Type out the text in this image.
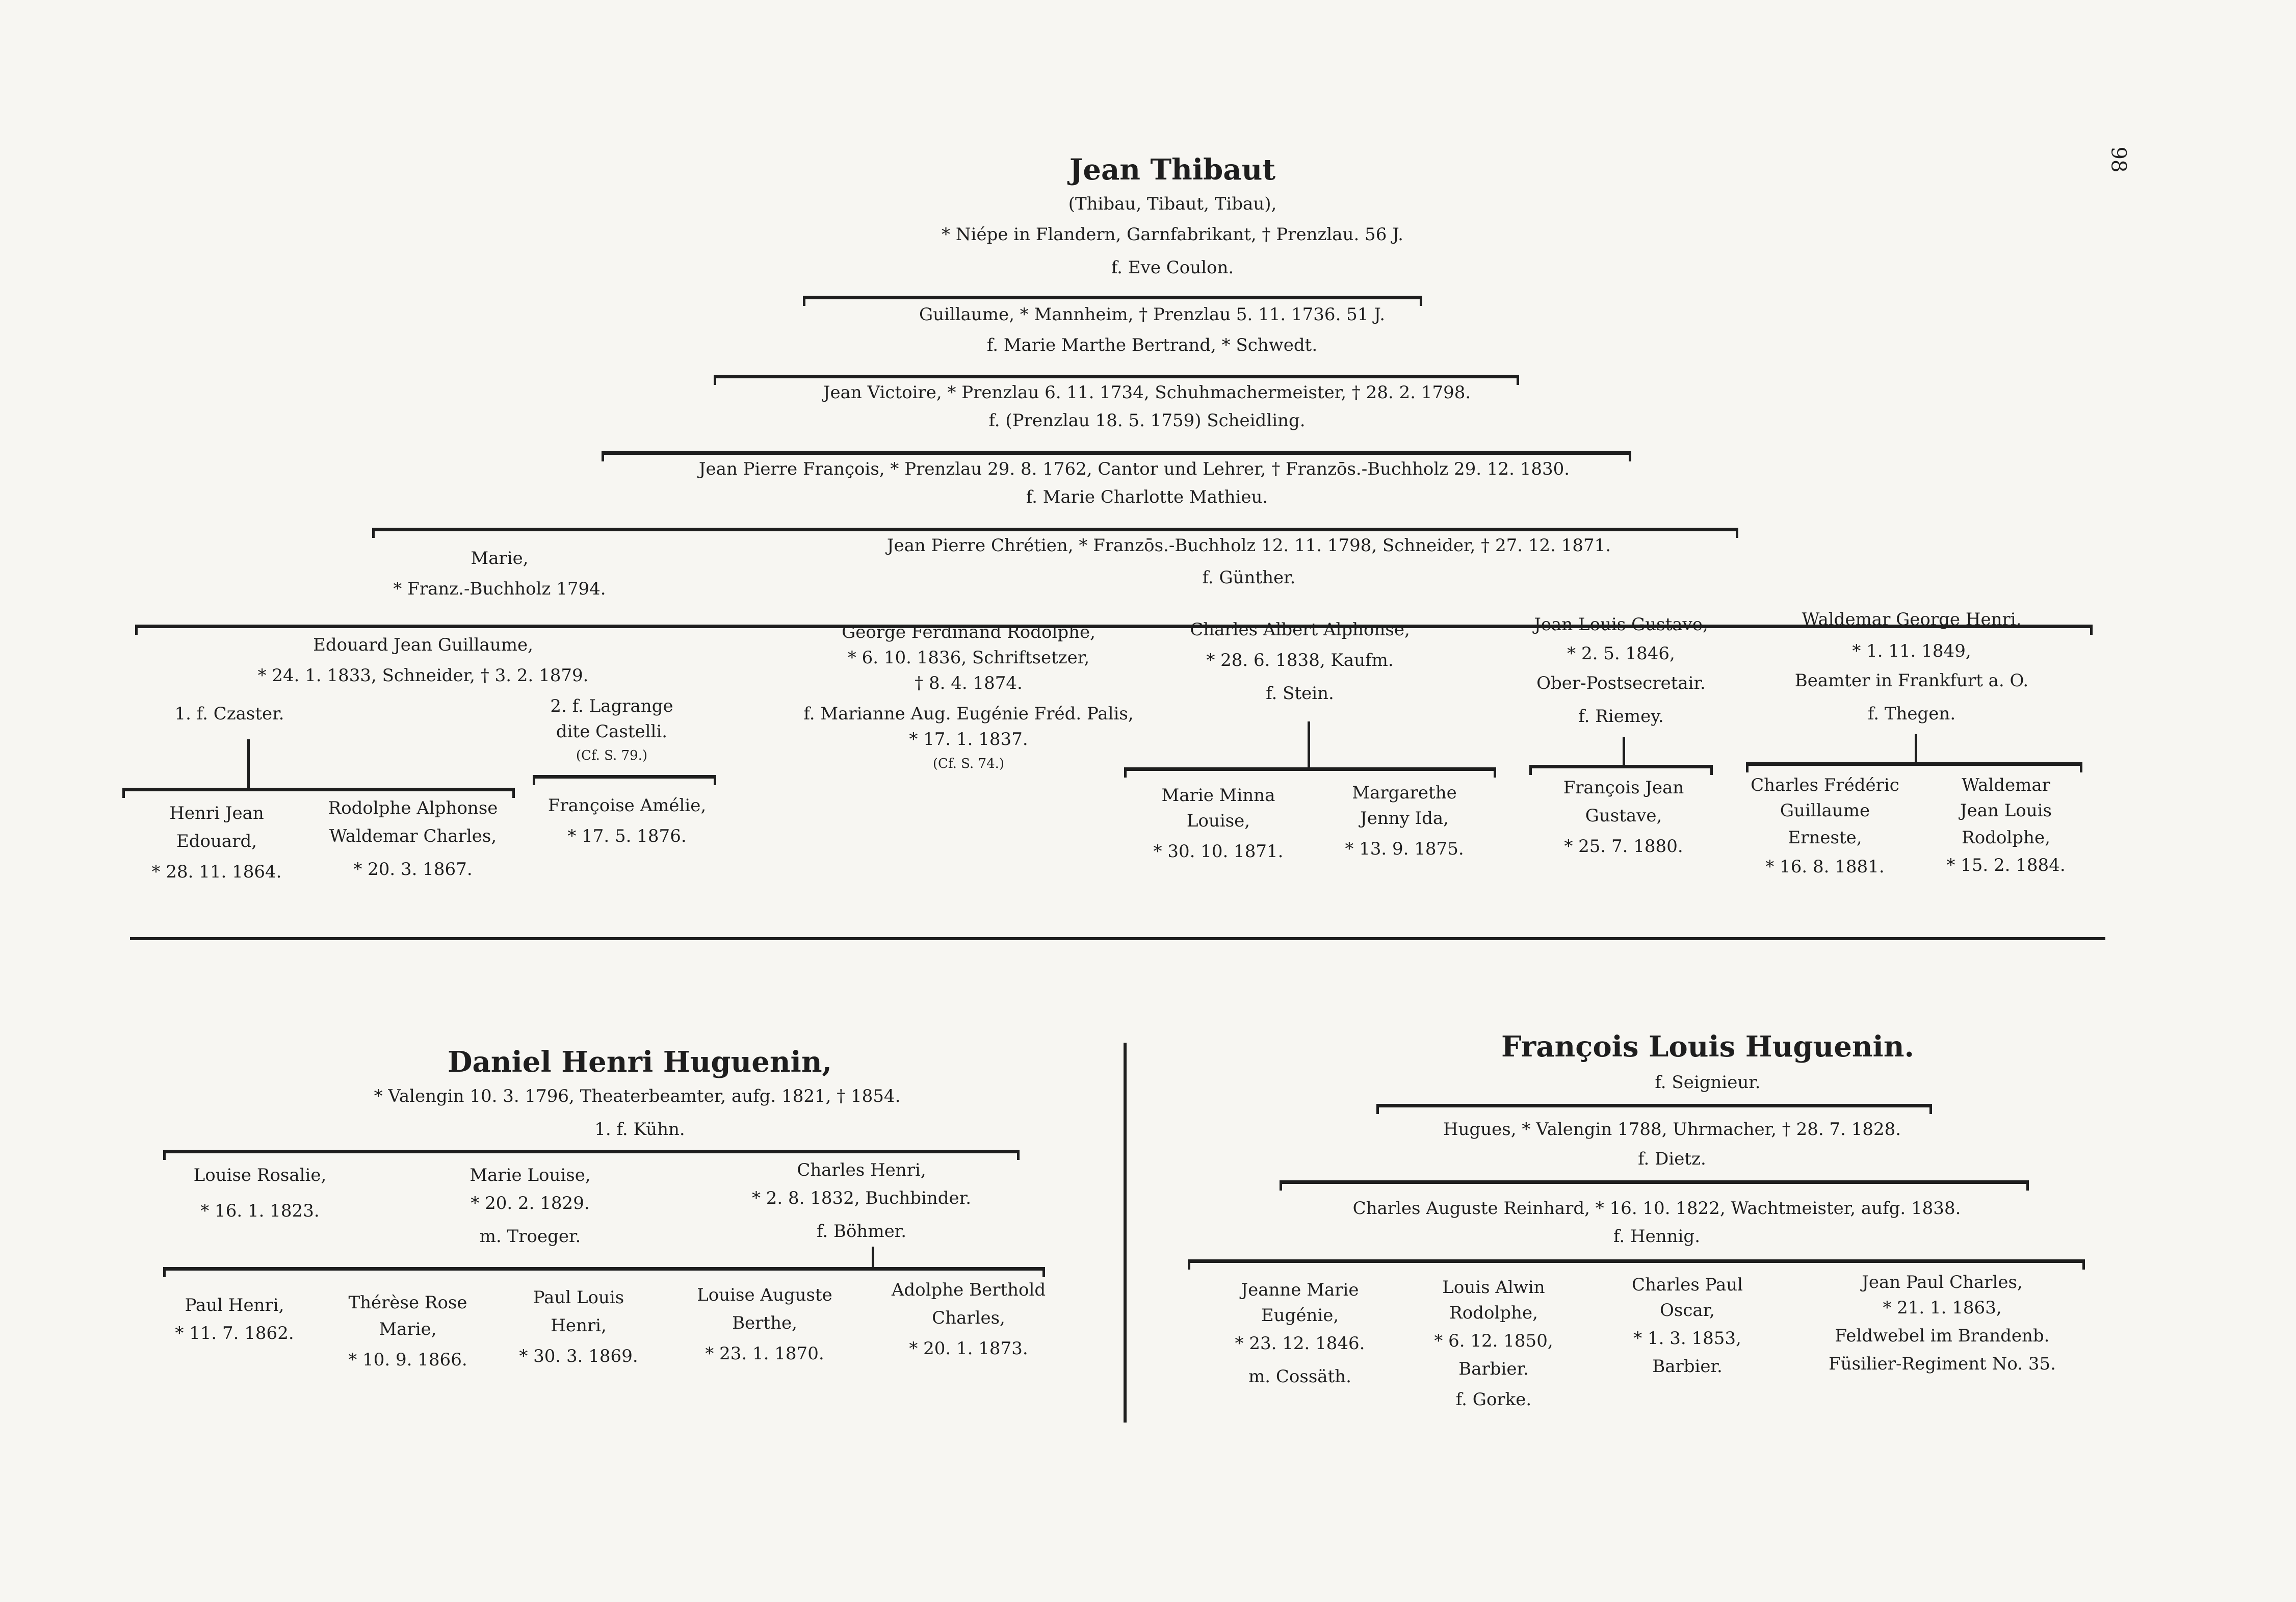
98
Jean Thibaut
(Thibau, Tibaut, Tibau),
* Niépe in Flandern, Garnfabrikant, † Prenzlau. 56 J.
f. Eve Coulon.
Guillaume, * Mannheim, † Prenzlau 5. 11. 1736. 51 J.
f. Marie Marthe Bertrand, * Schwedt.
Jean Victoire, * Prenzlau 6. 11. 1734, Schuhmachermeister, † 28. 2. 1798.
f. (Prenzlau 18. 5. 1759) Scheidling.
Jean Pierre François, * Prenzlau 29. 8. 1762, Cantor und Lehrer, † Franzōs.-Buchholz 29. 12. 1830.
f. Marie Charlotte Mathieu.
Marie,
* Franz.-Buchholz 1794.
Jean Pierre Chrétien, * Franzōs.-Buchholz 12. 11. 1798, Schneider, † 27. 12. 1871.
f. Günther.
Edouard Jean Guillaume,
* 24. 1. 1833, Schneider, † 3. 2. 1879.
1. f. Czaster.	2. f. Lagrange
dite Castelli.
(Cf. S. 79.)
Henri Jean
Edouard,
* 28. 11. 1864.
Rodolphe Alphonse
Waldemar Charles,
* 20. 3. 1867.
Françoise Amélie,
* 17. 5. 1876.
George Ferdinand Rodolphe,
* 6. 10. 1836, Schriftsetzer,
† 8. 4. 1874.
f. Marianne Aug. Eugénie Fréd. Palis,
* 17. 1. 1837.
(Cf. S. 74.)
Charles Albert Alphonse,
* 28. 6. 1838, Kaufm.
f. Stein.
Marie Minna
Louise,
* 30. 10. 1871.
Margarethe
Jenny Ida,
* 13. 9. 1875.
Jean Louis Gustave,
* 2. 5. 1846,
Ober-Postsecretair.
f. Riemey.
François Jean
Gustave,
* 25. 7. 1880.
Waldemar George Henri,
* 1. 11. 1849,
Beamter in Frankfurt a. O.
f. Thegen.
Charles Frédéric
Guillaume
Erneste,
* 16. 8. 1881.
Waldemar
Jean Louis
Rodolphe,
* 15. 2. 1884.
Daniel Henri Huguenin,
* Valengin 10. 3. 1796, Theaterbeamter, aufg. 1821, † 1854.
1. f. Kühn.
Louise Rosalie,
* 16. 1. 1823.
Marie Louise,
* 20. 2. 1829.
m. Troeger.
Charles Henri,
* 2. 8. 1832, Buchbinder.
f. Böhmer.
Paul Henri,
* 11. 7. 1862.
Thérèse Rose
Marie,
* 10. 9. 1866.
Paul Louis
Henri,
* 30. 3. 1869.
Louise Auguste
Berthe,
* 23. 1. 1870.
Adolphe Berthold
Charles,
* 20. 1. 1873.
François Louis Huguenin.
f. Seignieur.
Hugues, * Valengin 1788, Uhrmacher, † 28. 7. 1828.
f. Dietz.
Charles Auguste Reinhard, * 16. 10. 1822, Wachtmeister, aufg. 1838.
f. Hennig.
Jeanne Marie
Eugénie,
* 23. 12. 1846.
m. Cossäth.
Louis Alwin
Rodolphe,
* 6. 12. 1850,
Barbier.
f. Gorke.
Charles Paul
Oscar,
* 1. 3. 1853,
Barbier.
Jean Paul Charles,
* 21. 1. 1863,
Feldwebel im Brandenb.
Füsilier-Regiment No. 35.
